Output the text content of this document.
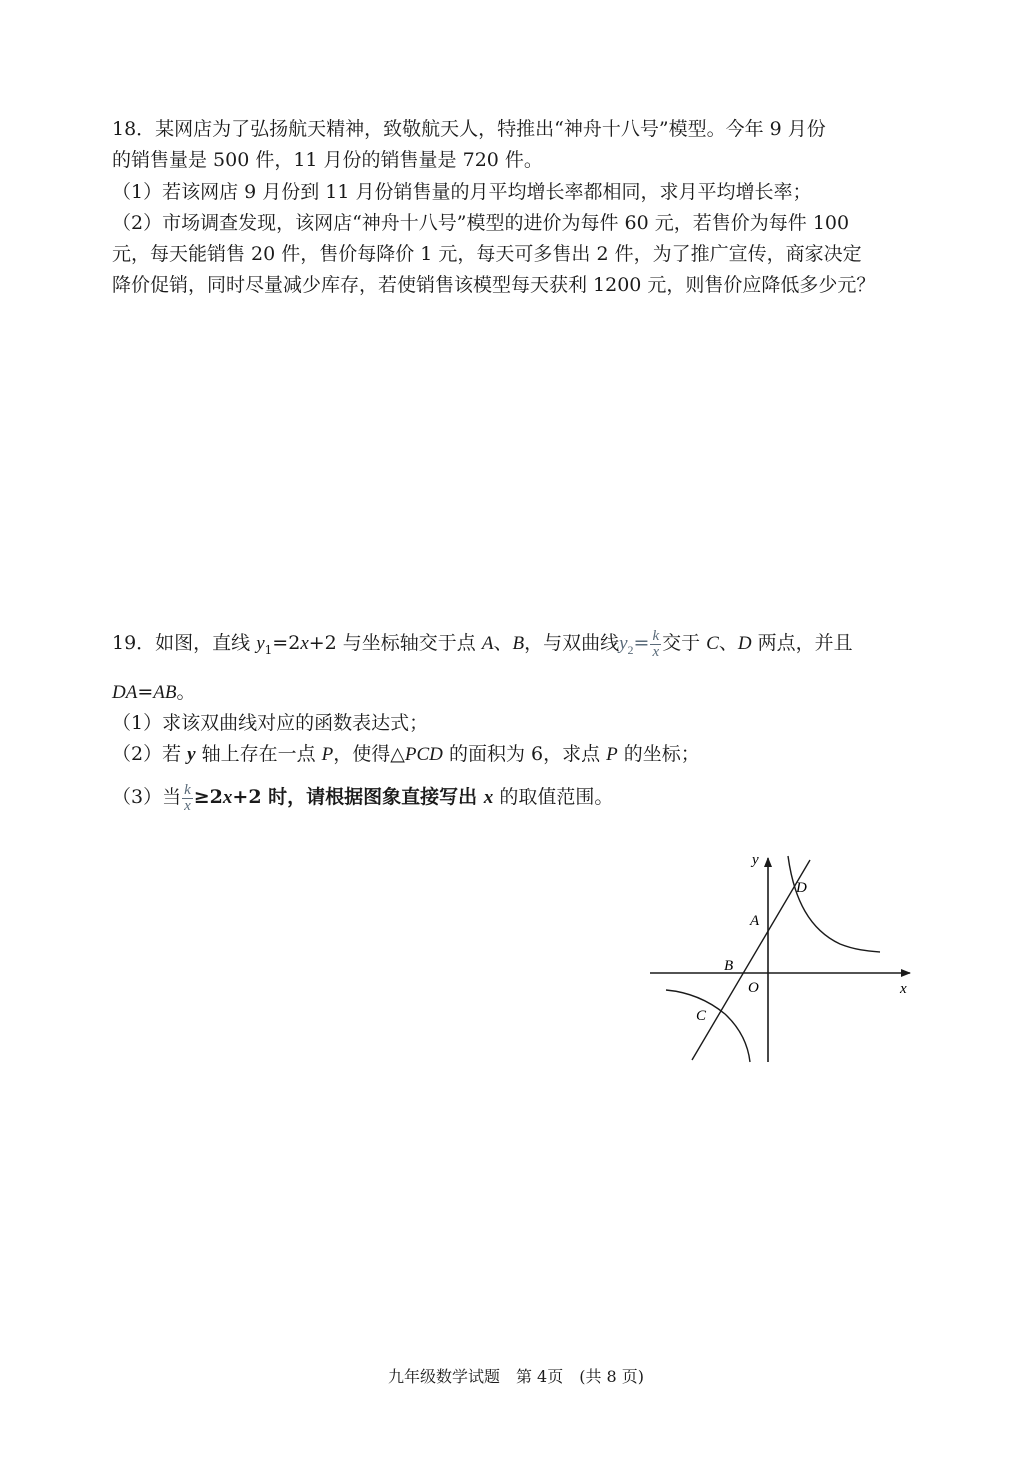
18．某网店为了弘扬航天精神，致敬航天人，特推出“神舟十八号”模型。今年 9 月份
的销售量是 500 件，11 月份的销售量是 720 件。
（1）若该网店 9 月份到 11 月份销售量的月平均增长率都相同，求月平均增长率；
（2）市场调查发现，该网店“神舟十八号”模型的进价为每件 60 元，若售价为每件 100
元，每天能销售 20 件，售价每降价 1 元，每天可多售出 2 件，为了推广宣传，商家决定
降价促销，同时尽量减少库存，若使销售该模型每天获利 1200 元，则售价应降低多少元？
19．如图，直线 $y_1=2x+2$ 与坐标轴交于点 A、B，与双曲线$y_2= \frac{k}{x}$ 交于 C、D 两点，并且
DA=AB。
（1）求该双曲线对应的函数表达式；
（2）若 y 轴上存在一点 P，使得△PCD 的面积为 6，求点 P 的坐标；
（3）当 $\frac{k}{x} \ge 2x+2$ 时，请根据图象直接写出 x 的取值范围。
y
x
O
A
B
C
D
九年级数学试题　第 4页　(共 8 页)
